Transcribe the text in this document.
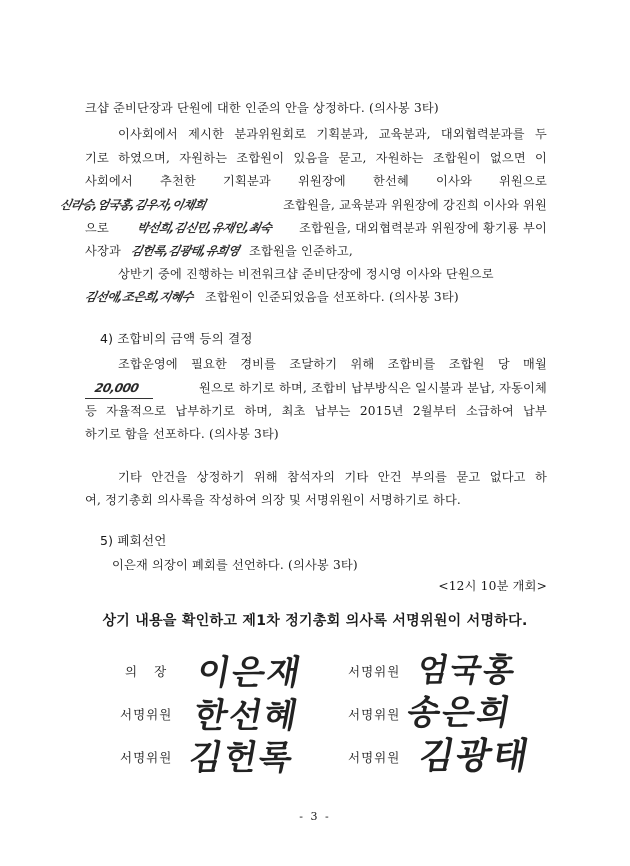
크샵 준비단장과 단원에 대한 인준의 안을 상정하다. (의사봉 3타)
이사회에서 제시한 분과위원회로 기획분과, 교육분과, 대외협력분과를 두
기로 하였으며, 자원하는 조합원이 있음을 묻고, 자원하는 조합원이 없으면 이
사회에서 추천한 기획분과 위원장에 한선혜 이사와 위원으로
신라승,엄국홍,김우자,이채희	조합원을, 교육분과 위원장에 강진희 이사와 위원
으로 박선희,김신민,유재인,최숙 조합원을, 대외협력분과 위원장에 황기룡 부이
사장과 김헌록,김광태,유희영 조합원을 인준하고,
상반기 중에 진행하는 비전워크샵 준비단장에 정시영 이사와 단원으로
김선애,조은희,지혜수 조합원이 인준되었음을 선포하다. (의사봉 3타)
4) 조합비의 금액 등의 결정
조합운영에 필요한 경비를 조달하기 위해 조합비를 조합원 당 매월
20,000	원으로 하기로 하며, 조합비 납부방식은 일시불과 분납, 자동이체
등 자율적으로 납부하기로 하며, 최초 납부는 2015년 2월부터 소급하여 납부
하기로 함을 선포하다. (의사봉 3타)
기타 안건을 상정하기 위해 참석자의 기타 안건 부의를 묻고 없다고 하
여, 정기총회 의사록을 작성하여 의장 및 서명위원이 서명하기로 하다.
5) 폐회선언
이은재 의장이 폐회를 선언하다. (의사봉 3타)
<12시 10분 개회>
상기 내용을 확인하고 제1차 정기총회 의사록 서명위원이 서명하다.
의장 이은재	서명위원 엄국홍
서명위원 한선혜	서명위원 송은희
서명위원 김헌록	서명위원 김광태
- 3 -
